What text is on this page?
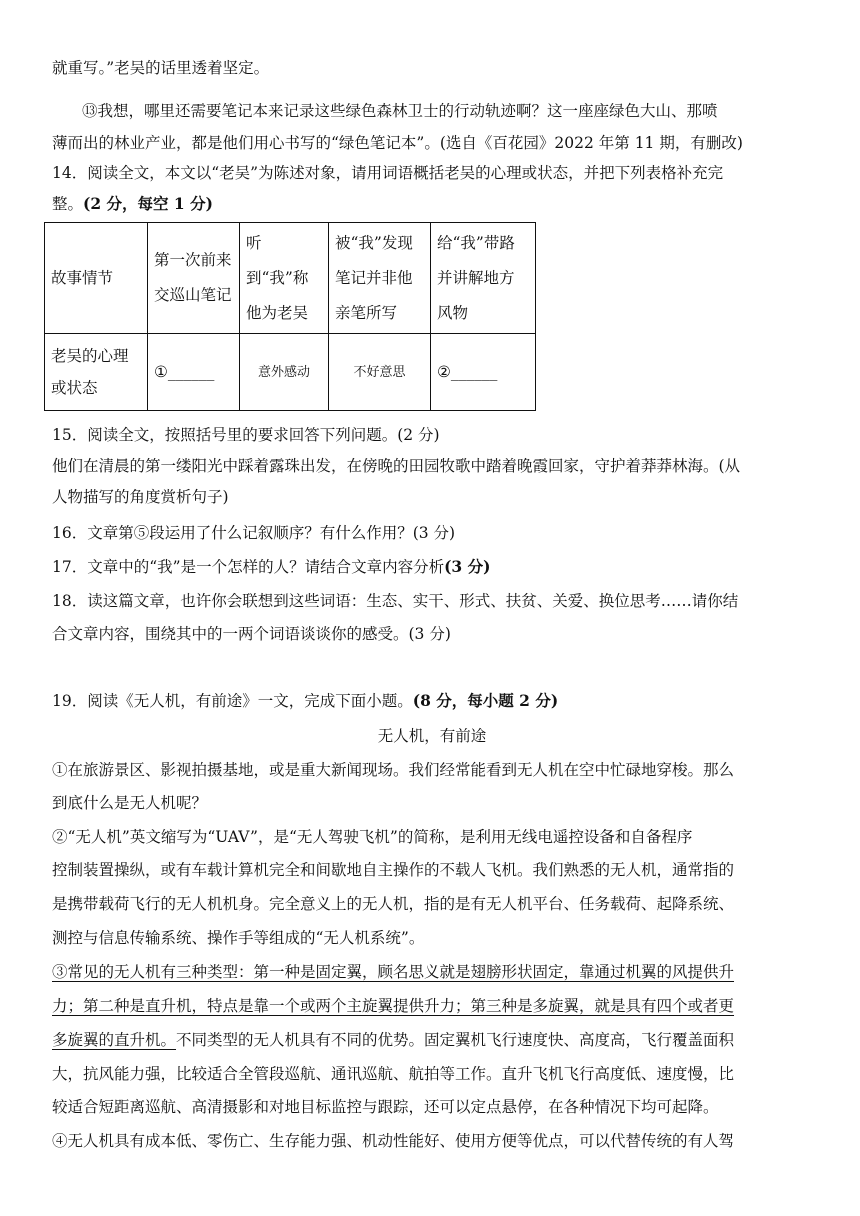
就重写。”老吴的话里透着坚定。
⑬我想，哪里还需要笔记本来记录这些绿色森林卫士的行动轨迹啊？这一座座绿色大山、那喷
薄而出的林业产业，都是他们用心书写的“绿色笔记本”。(选自《百花园》2022 年第 11 期，有删改)
14．阅读全文，本文以“老吴”为陈述对象，请用词语概括老吴的心理或状态，并把下列表格补充完
整。(2 分，每空 1 分)
故事情节	第一次前来交巡山笔记	听到“我”称他为老吴	被“我”发现笔记并非他亲笔所写	给“我”带路并讲解地方风物
老吴的心理或状态	①______	意外感动	不好意思	②______
15．阅读全文，按照括号里的要求回答下列问题。(2 分)
他们在清晨的第一缕阳光中踩着露珠出发，在傍晚的田园牧歌中踏着晚霞回家，守护着莽莽林海。(从
人物描写的角度赏析句子)
16．文章第⑤段运用了什么记叙顺序？有什么作用？(3 分)
17．文章中的“我”是一个怎样的人？请结合文章内容分析(3 分)
18．读这篇文章，也许你会联想到这些词语：生态、实干、形式、扶贫、关爱、换位思考……请你结
合文章内容，围绕其中的一两个词语谈谈你的感受。(3 分)
19．阅读《无人机，有前途》一文，完成下面小题。(8 分，每小题 2 分)
无人机，有前途
①在旅游景区、影视拍摄基地，或是重大新闻现场。我们经常能看到无人机在空中忙碌地穿梭。那么
到底什么是无人机呢？
②“无人机”英文缩写为“UAV”，是“无人驾驶飞机”的简称，是利用无线电遥控设备和自备程序
控制装置操纵，或有车载计算机完全和间歇地自主操作的不载人飞机。我们熟悉的无人机，通常指的
是携带载荷飞行的无人机机身。完全意义上的无人机，指的是有无人机平台、任务载荷、起降系统、
测控与信息传输系统、操作手等组成的“无人机系统”。
③常见的无人机有三种类型：第一种是固定翼，顾名思义就是翅膀形状固定，靠通过机翼的风提供升
力；第二种是直升机，特点是靠一个或两个主旋翼提供升力；第三种是多旋翼，就是具有四个或者更
多旋翼的直升机。不同类型的无人机具有不同的优势。固定翼机飞行速度快、高度高，飞行覆盖面积
大，抗风能力强，比较适合全管段巡航、通讯巡航、航拍等工作。直升飞机飞行高度低、速度慢，比
较适合短距离巡航、高清摄影和对地目标监控与跟踪，还可以定点悬停，在各种情况下均可起降。
④无人机具有成本低、零伤亡、生存能力强、机动性能好、使用方便等优点，可以代替传统的有人驾
